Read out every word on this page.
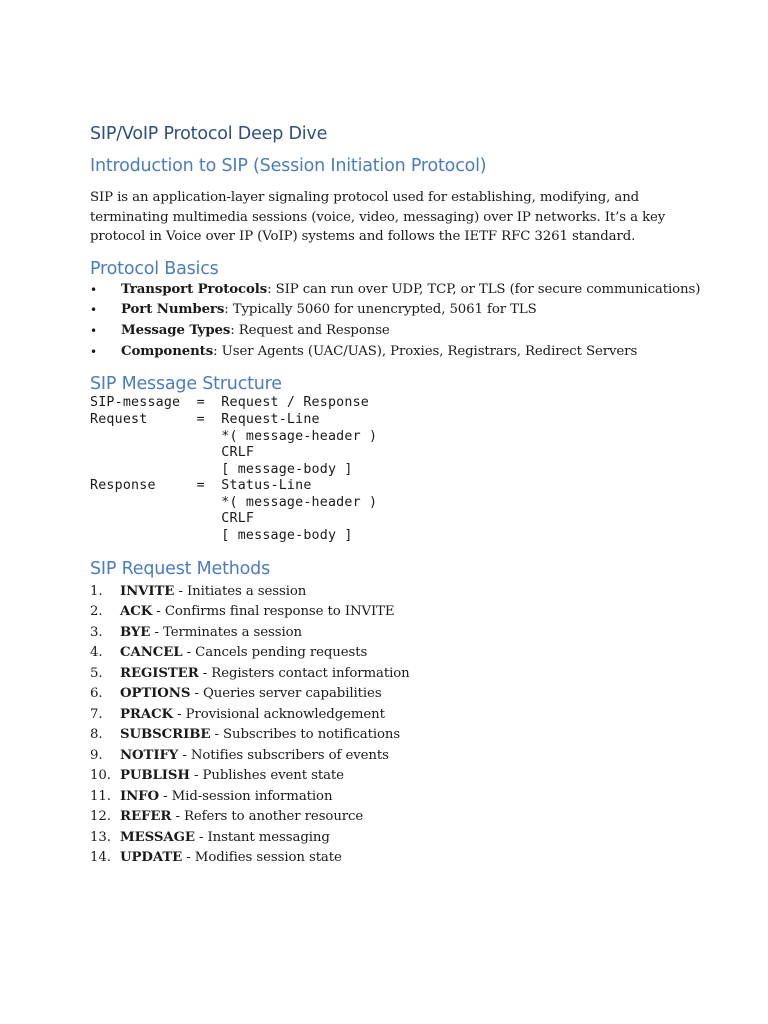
SIP/VoIP Protocol Deep Dive
Introduction to SIP (Session Initiation Protocol)

SIP is an application-layer signaling protocol used for establishing, modifying, and terminating multimedia sessions (voice, video, messaging) over IP networks. It’s a key protocol in Voice over IP (VoIP) systems and follows the IETF RFC 3261 standard.

Protocol Basics
• Transport Protocols: SIP can run over UDP, TCP, or TLS (for secure communications)
• Port Numbers: Typically 5060 for unencrypted, 5061 for TLS
• Message Types: Request and Response
• Components: User Agents (UAC/UAS), Proxies, Registrars, Redirect Servers
SIP Message Structure
SIP-message  =  Request / Response
Request      =  Request-Line
*( message-header )
CRLF
[ message-body ]
Response     =  Status-Line
*( message-header )
CRLF
[ message-body ]
SIP Request Methods
1. INVITE - Initiates a session
2. ACK - Confirms final response to INVITE
3. BYE - Terminates a session
4. CANCEL - Cancels pending requests
5. REGISTER - Registers contact information
6. OPTIONS - Queries server capabilities
7. PRACK - Provisional acknowledgement
8. SUBSCRIBE - Subscribes to notifications
9. NOTIFY - Notifies subscribers of events
10. PUBLISH - Publishes event state
11. INFO - Mid-session information
12. REFER - Refers to another resource
13. MESSAGE - Instant messaging
14. UPDATE - Modifies session state
